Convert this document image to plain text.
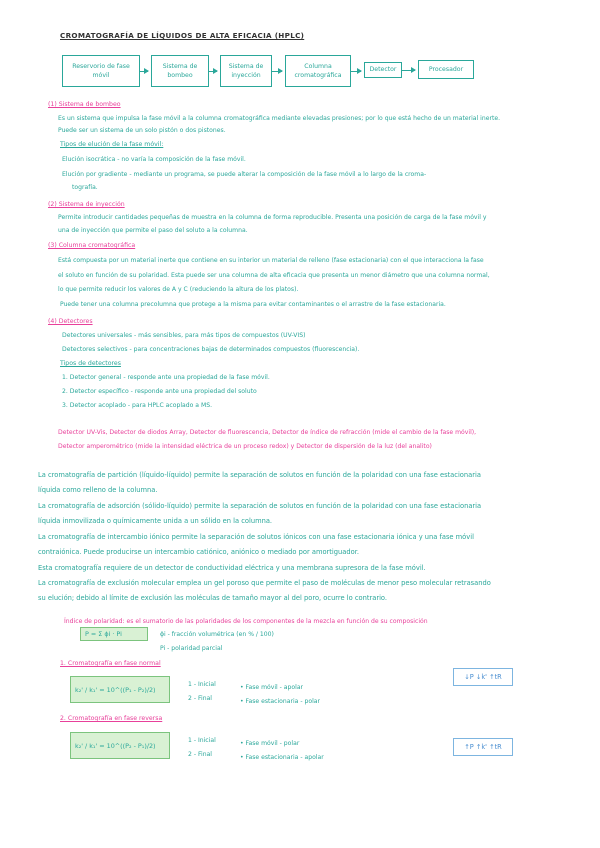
CROMATOGRAFÍA DE LÍQUIDOS DE ALTA EFICACIA (HPLC)
Reservorio de fase móvil
Sistema de bombeo
Sistema de inyección
Columna cromatográfica
Detector	Procesador
(1) Sistema de bombeo
Es un sistema que impulsa la fase móvil a la columna cromatográfica mediante elevadas presiones; por lo que está hecho de un material inerte.
Puede ser un sistema de un solo pistón o dos pistones.
Tipos de elución de la fase móvil:
Elución isocrática - no varía la composición de la fase móvil.
Elución por gradiente - mediante un programa, se puede alterar la composición de la fase móvil a lo largo de la croma-
tografía.
(2) Sistema de inyección
Permite introducir cantidades pequeñas de muestra en la columna de forma reproducible. Presenta una posición de carga de la fase móvil y
una de inyección que permite el paso del soluto a la columna.
(3) Columna cromatográfica
Está compuesta por un material inerte que contiene en su interior un material de relleno (fase estacionaria) con el que interacciona la fase
el soluto en función de su polaridad. Esta puede ser una columna de alta eficacia que presenta un menor diámetro que una columna normal,
lo que permite reducir los valores de A y C (reduciendo la altura de los platos).
Puede tener una columna precolumna que protege a la misma para evitar contaminantes o el arrastre de la fase estacionaria.
(4) Detectores
Detectores universales - más sensibles, para más tipos de compuestos (UV-VIS)
Detectores selectivos - para concentraciones bajas de determinados compuestos (fluorescencia).
Tipos de detectores
1. Detector general - responde ante una propiedad de la fase móvil.
2. Detector específico - responde ante una propiedad del soluto
3. Detector acoplado - para HPLC acoplado a MS.
Detector UV-Vis, Detector de diodos Array, Detector de fluorescencia, Detector de índice de refracción (mide el cambio de la fase móvil),
Detector amperométrico (mide la intensidad eléctrica de un proceso redox) y Detector de dispersión de la luz (del analito)
La cromatografía de partición (líquido-líquido) permite la separación de solutos en función de la polaridad con una fase estacionaria
líquida como relleno de la columna.
La cromatografía de adsorción (sólido-líquido) permite la separación de solutos en función de la polaridad con una fase estacionaria
líquida inmovilizada o químicamente unida a un sólido en la columna.
La cromatografía de intercambio iónico permite la separación de solutos iónicos con una fase estacionaria iónica y una fase móvil
contraiónica. Puede producirse un intercambio catiónico, aniónico o mediado por amortiguador.
Esta cromatografía requiere de un detector de conductividad eléctrica y una membrana supresora de la fase móvil.
La cromatografía de exclusión molecular emplea un gel poroso que permite el paso de moléculas de menor peso molecular retrasando
su elución; debido al límite de exclusión las moléculas de tamaño mayor al del poro, ocurre lo contrario.
Índice de polaridad: es el sumatorio de las polaridades de los componentes de la mezcla en función de su composición
P = Σ ϕi · Pi	ϕi - fracción volumétrica (en % / 100)
Pi - polaridad parcial
1. Cromatografía en fase normal
k₂' / k₁' = 10^((P₁ - P₂)/2)
1 - Inicial
2 - Final
• Fase móvil - apolar
• Fase estacionaria - polar
↓P ↓k' ↑tR
2. Cromatografía en fase reversa
k₂' / k₁' = 10^((P₂ - P₁)/2)
1 - Inicial
2 - Final
• Fase móvil - polar
• Fase estacionaria - apolar
↑P ↑k' ↑tR
